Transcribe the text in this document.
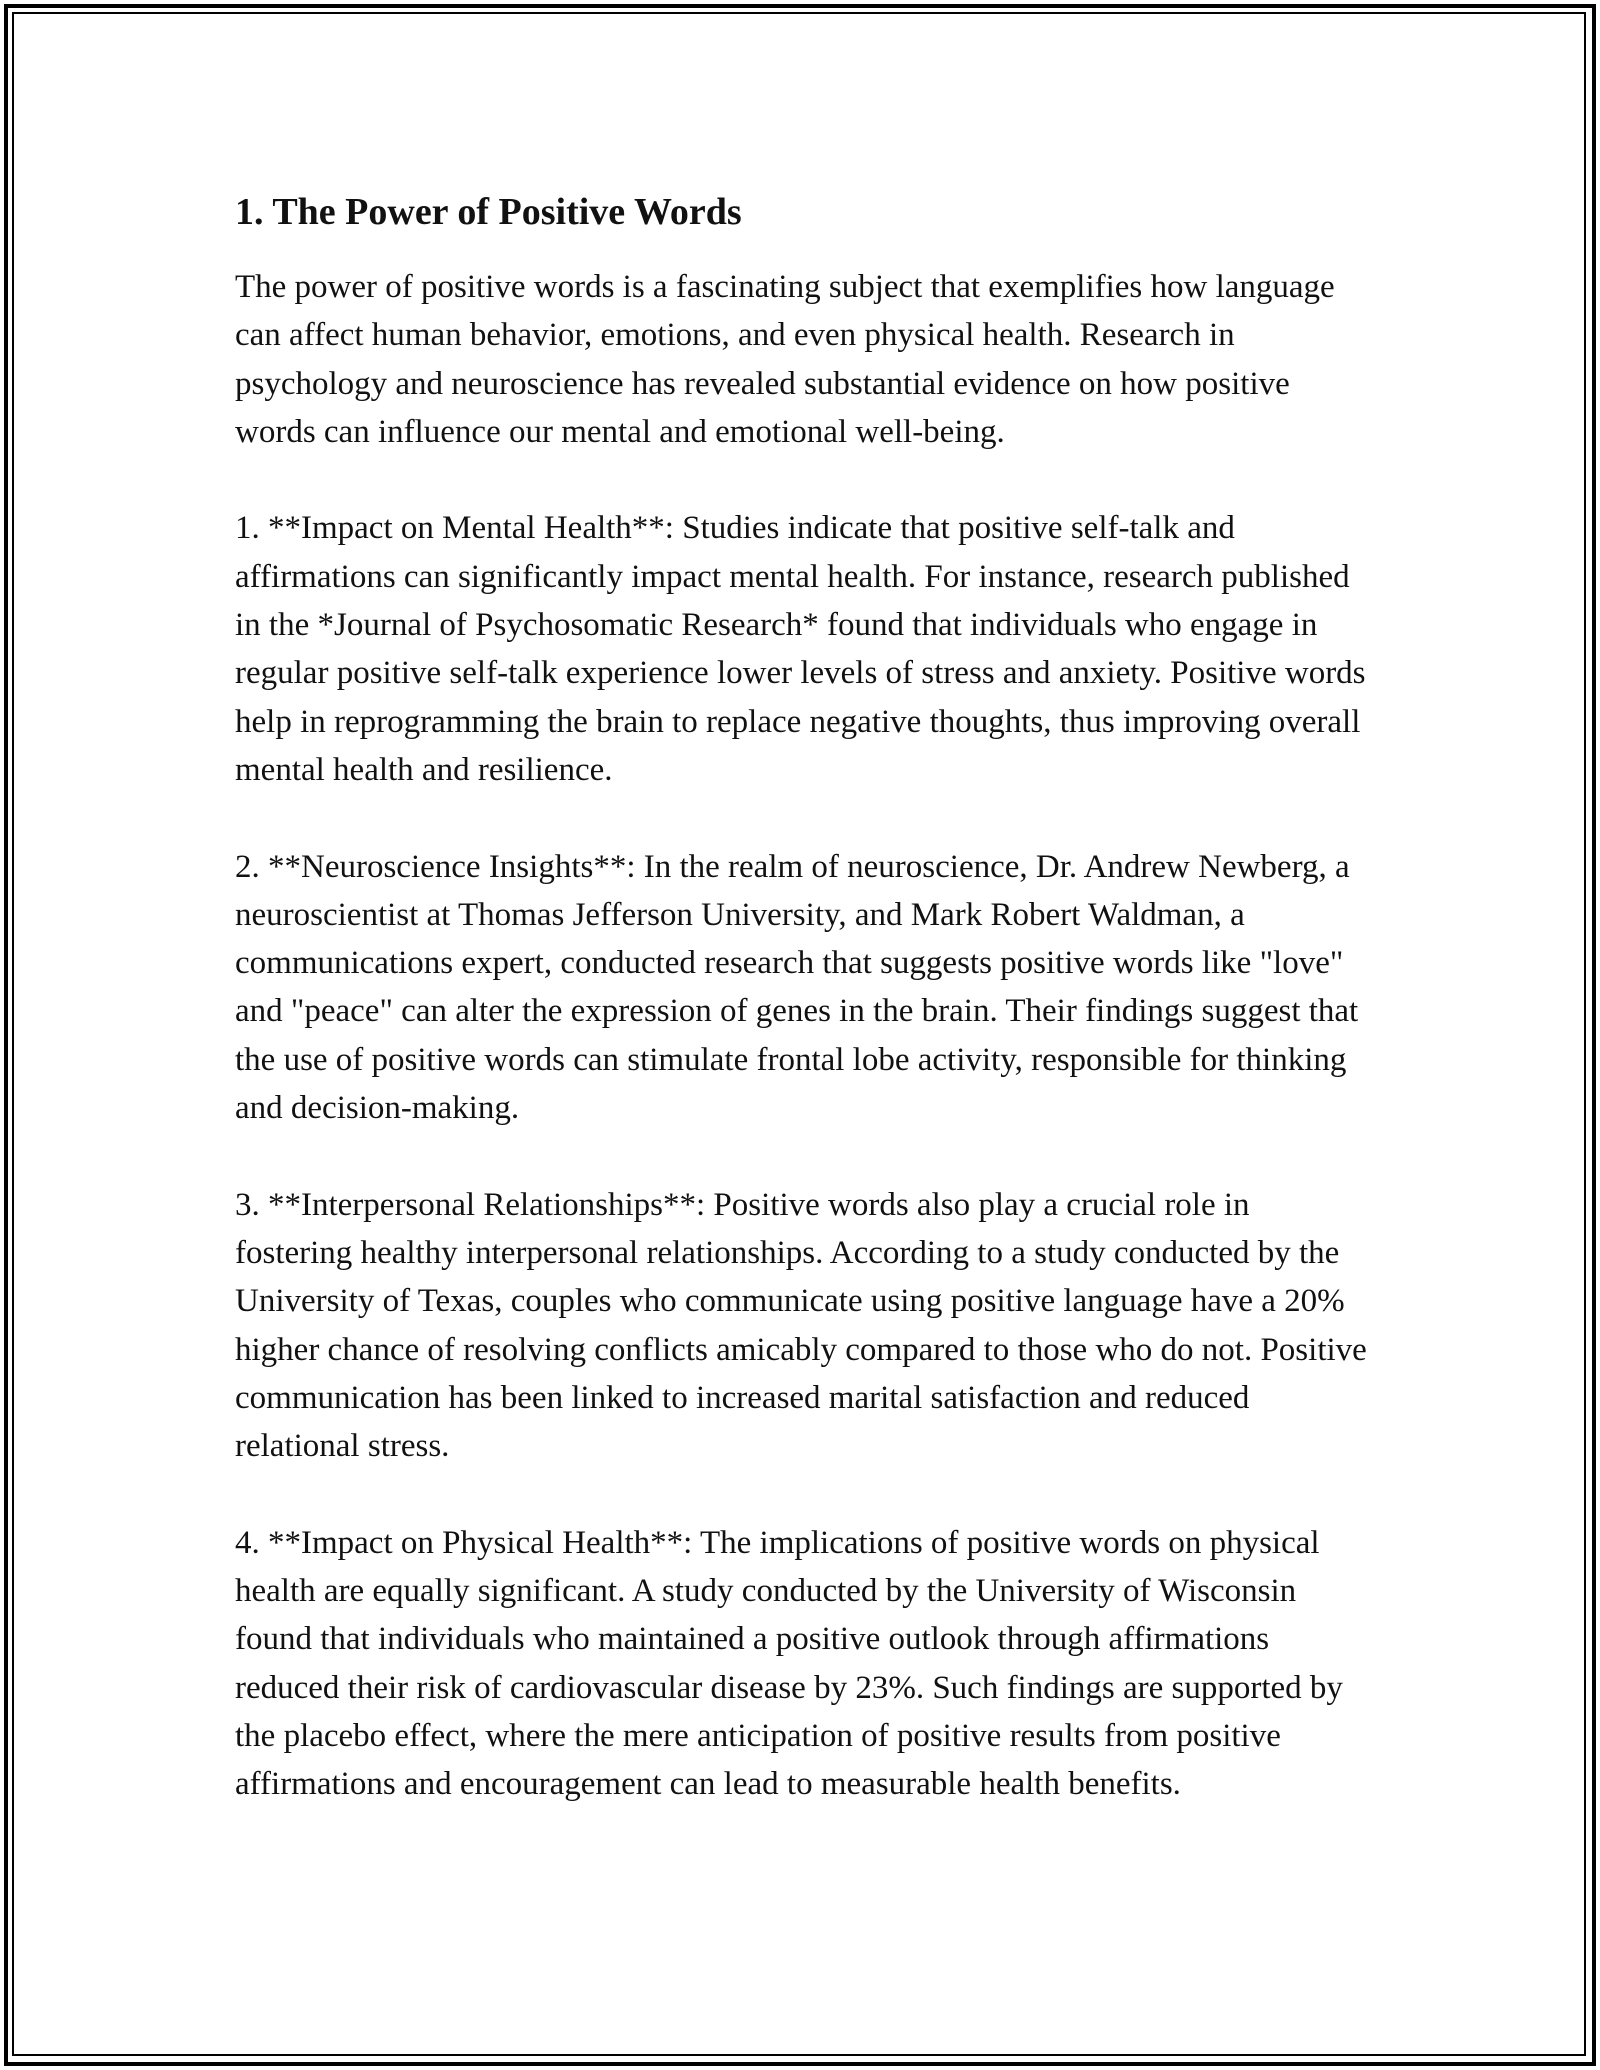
1. The Power of Positive Words

The power of positive words is a fascinating subject that exemplifies how language can affect human behavior, emotions, and even physical health. Research in psychology and neuroscience has revealed substantial evidence on how positive words can influence our mental and emotional well-being.

1. **Impact on Mental Health**: Studies indicate that positive self-talk and affirmations can significantly impact mental health. For instance, research published in the *Journal of Psychosomatic Research* found that individuals who engage in regular positive self-talk experience lower levels of stress and anxiety. Positive words help in reprogramming the brain to replace negative thoughts, thus improving overall mental health and resilience.

2. **Neuroscience Insights**: In the realm of neuroscience, Dr. Andrew Newberg, a neuroscientist at Thomas Jefferson University, and Mark Robert Waldman, a communications expert, conducted research that suggests positive words like "love" and "peace" can alter the expression of genes in the brain. Their findings suggest that the use of positive words can stimulate frontal lobe activity, responsible for thinking and decision-making.

3. **Interpersonal Relationships**: Positive words also play a crucial role in fostering healthy interpersonal relationships. According to a study conducted by the University of Texas, couples who communicate using positive language have a 20% higher chance of resolving conflicts amicably compared to those who do not. Positive communication has been linked to increased marital satisfaction and reduced relational stress.

4. **Impact on Physical Health**: The implications of positive words on physical health are equally significant. A study conducted by the University of Wisconsin found that individuals who maintained a positive outlook through affirmations reduced their risk of cardiovascular disease by 23%. Such findings are supported by the placebo effect, where the mere anticipation of positive results from positive affirmations and encouragement can lead to measurable health benefits.
